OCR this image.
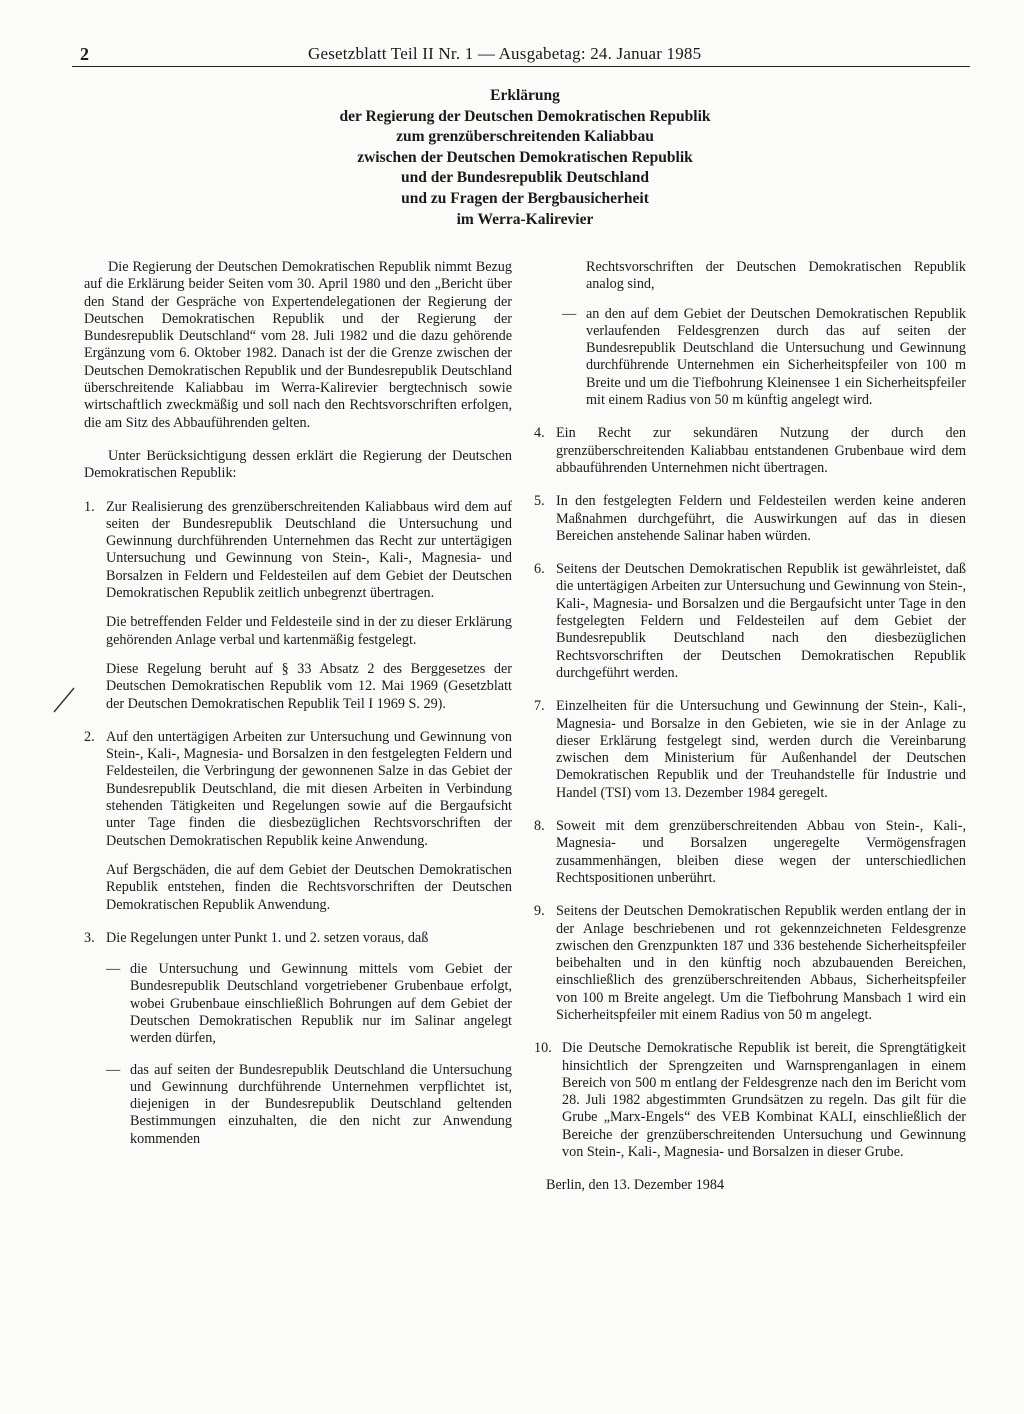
2	Gesetzblatt Teil II Nr. 1 — Ausgabetag: 24. Januar 1985
Erklärung
der Regierung der Deutschen Demokratischen Republik
zum grenzüberschreitenden Kaliabbau
zwischen der Deutschen Demokratischen Republik
und der Bundesrepublik Deutschland
und zu Fragen der Bergbausicherheit
im Werra-Kalirevier

Die Regierung der Deutschen Demokratischen Republik nimmt Bezug auf die Erklärung beider Seiten vom 30. April 1980 und den „Bericht über den Stand der Gespräche von Expertendelegationen der Regierung der Deutschen Demokratischen Republik und der Regierung der Bundesrepublik Deutschland“ vom 28. Juli 1982 und die dazu gehörende Ergänzung vom 6. Oktober 1982. Danach ist der die Grenze zwischen der Deutschen Demokratischen Republik und der Bundesrepublik Deutschland überschreitende Kaliabbau im Werra-Kalirevier bergtechnisch sowie wirtschaftlich zweckmäßig und soll nach den Rechtsvorschriften erfolgen, die am Sitz des Abbauführenden gelten.

Unter Berücksichtigung dessen erklärt die Regierung der Deutschen Demokratischen Republik:

1. Zur Realisierung des grenzüberschreitenden Kaliabbaus wird dem auf seiten der Bundesrepublik Deutschland die Untersuchung und Gewinnung durchführenden Unternehmen das Recht zur untertägigen Untersuchung und Gewinnung von Stein-, Kali-, Magnesia- und Borsalzen in Feldern und Feldesteilen auf dem Gebiet der Deutschen Demokratischen Republik zeitlich unbegrenzt übertragen.

Die betreffenden Felder und Feldesteile sind in der zu dieser Erklärung gehörenden Anlage verbal und kartenmäßig festgelegt.

Diese Regelung beruht auf § 33 Absatz 2 des Berggesetzes der Deutschen Demokratischen Republik vom 12. Mai 1969 (Gesetzblatt der Deutschen Demokratischen Republik Teil I 1969 S. 29).

2. Auf den untertägigen Arbeiten zur Untersuchung und Gewinnung von Stein-, Kali-, Magnesia- und Borsalzen in den festgelegten Feldern und Feldesteilen, die Verbringung der gewonnenen Salze in das Gebiet der Bundesrepublik Deutschland, die mit diesen Arbeiten in Verbindung stehenden Tätigkeiten und Regelungen sowie auf die Bergaufsicht unter Tage finden die diesbezüglichen Rechtsvorschriften der Deutschen Demokratischen Republik keine Anwendung.

Auf Bergschäden, die auf dem Gebiet der Deutschen Demokratischen Republik entstehen, finden die Rechtsvorschriften der Deutschen Demokratischen Republik Anwendung.

3. Die Regelungen unter Punkt 1. und 2. setzen voraus, daß

— die Untersuchung und Gewinnung mittels vom Gebiet der Bundesrepublik Deutschland vorgetriebener Grubenbaue erfolgt, wobei Grubenbaue einschließlich Bohrungen auf dem Gebiet der Deutschen Demokratischen Republik nur im Salinar angelegt werden dürfen,

— das auf seiten der Bundesrepublik Deutschland die Untersuchung und Gewinnung durchführende Unternehmen verpflichtet ist, diejenigen in der Bundesrepublik Deutschland geltenden Bestimmungen einzuhalten, die den nicht zur Anwendung kommenden

Rechtsvorschriften der Deutschen Demokratischen Republik analog sind,

— an den auf dem Gebiet der Deutschen Demokratischen Republik verlaufenden Feldesgrenzen durch das auf seiten der Bundesrepublik Deutschland die Untersuchung und Gewinnung durchführende Unternehmen ein Sicherheitspfeiler von 100 m Breite und um die Tiefbohrung Kleinensee 1 ein Sicherheitspfeiler mit einem Radius von 50 m künftig angelegt wird.

4. Ein Recht zur sekundären Nutzung der durch den grenzüberschreitenden Kaliabbau entstandenen Grubenbaue wird dem abbauführenden Unternehmen nicht übertragen.

5. In den festgelegten Feldern und Feldesteilen werden keine anderen Maßnahmen durchgeführt, die Auswirkungen auf das in diesen Bereichen anstehende Salinar haben würden.

6. Seitens der Deutschen Demokratischen Republik ist gewährleistet, daß die untertägigen Arbeiten zur Untersuchung und Gewinnung von Stein-, Kali-, Magnesia- und Borsalzen und die Bergaufsicht unter Tage in den festgelegten Feldern und Feldesteilen auf dem Gebiet der Bundesrepublik Deutschland nach den diesbezüglichen Rechtsvorschriften der Deutschen Demokratischen Republik durchgeführt werden.

7. Einzelheiten für die Untersuchung und Gewinnung der Stein-, Kali-, Magnesia- und Borsalze in den Gebieten, wie sie in der Anlage zu dieser Erklärung festgelegt sind, werden durch die Vereinbarung zwischen dem Ministerium für Außenhandel der Deutschen Demokratischen Republik und der Treuhandstelle für Industrie und Handel (TSI) vom 13. Dezember 1984 geregelt.

8. Soweit mit dem grenzüberschreitenden Abbau von Stein-, Kali-, Magnesia- und Borsalzen ungeregelte Vermögensfragen zusammenhängen, bleiben diese wegen der unterschiedlichen Rechtspositionen unberührt.

9. Seitens der Deutschen Demokratischen Republik werden entlang der in der Anlage beschriebenen und rot gekennzeichneten Feldesgrenze zwischen den Grenzpunkten 187 und 336 bestehende Sicherheitspfeiler beibehalten und in den künftig noch abzubauenden Bereichen, einschließlich des grenzüberschreitenden Abbaus, Sicherheitspfeiler von 100 m Breite angelegt. Um die Tiefbohrung Mansbach 1 wird ein Sicherheitspfeiler mit einem Radius von 50 m angelegt.

10. Die Deutsche Demokratische Republik ist bereit, die Sprengtätigkeit hinsichtlich der Sprengzeiten und Warnsprenganlagen in einem Bereich von 500 m entlang der Feldesgrenze nach den im Bericht vom 28. Juli 1982 abgestimmten Grundsätzen zu regeln. Das gilt für die Grube „Marx-Engels“ des VEB Kombinat KALI, einschließlich der Bereiche der grenzüberschreitenden Untersuchung und Gewinnung von Stein-, Kali-, Magnesia- und Borsalzen in dieser Grube.

Berlin, den 13. Dezember 1984
